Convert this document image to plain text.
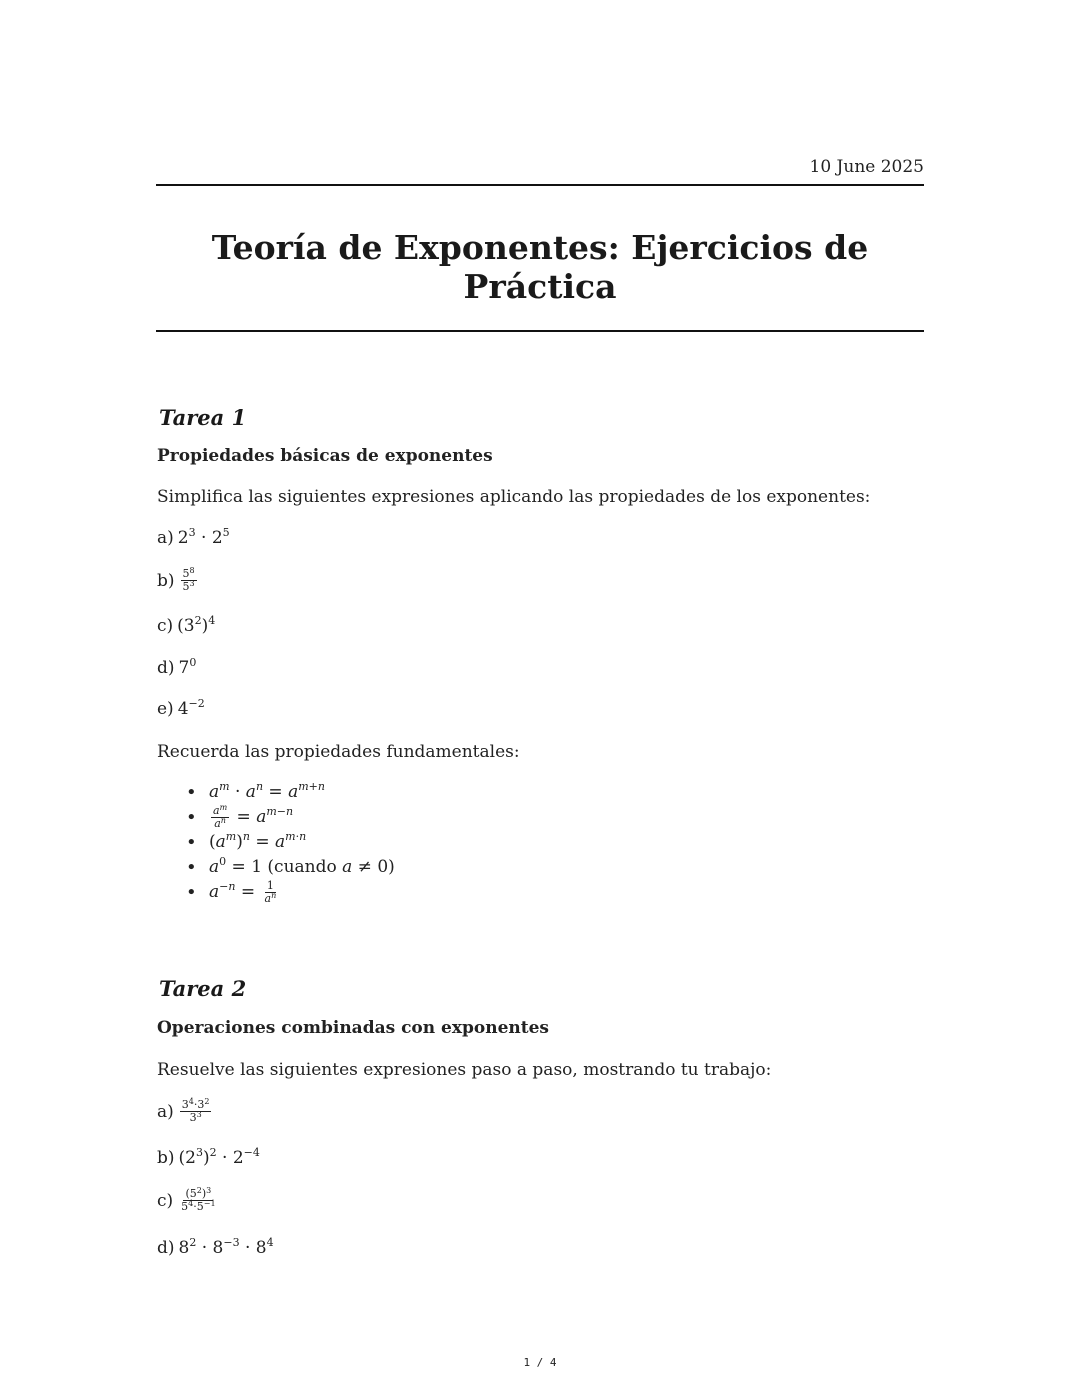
10 June 2025
Teoría de Exponentes: Ejercicios de Práctica
Tarea 1
Propiedades básicas de exponentes

Simplifica las siguientes expresiones aplicando las propiedades de los exponentes:

a) $2^3 \cdot 2^5$
$b) \frac{5^8}{5^3}$
c) $(3^2)^4$
d) $7^0$
e) $4^{-2}$

Recuerda las propiedades fundamentales:

• $a^m \cdot a^n = a^{m+n}$
• $\frac{a^m}{a^n} = a^{m-n}$
• $(a^m)^n = a^{m\cdot n}$
• $a^0 = 1$ (cuando a ≠ 0)
• $a^{-n} = \frac{1}{a^n}$
Tarea 2
Operaciones combinadas con exponentes

Resuelve las siguientes expresiones paso a paso, mostrando tu trabajo:

$a) \frac{3^4\cdot 3^2}{3^3}$
b) $(2^3)^2 \cdot 2^{-4}$
$c) \frac{(5^2)^3}{5^4\cdot 5^{-1}}$
d) $8^2 \cdot 8^{-3} \cdot 8^4$
1 / 4
